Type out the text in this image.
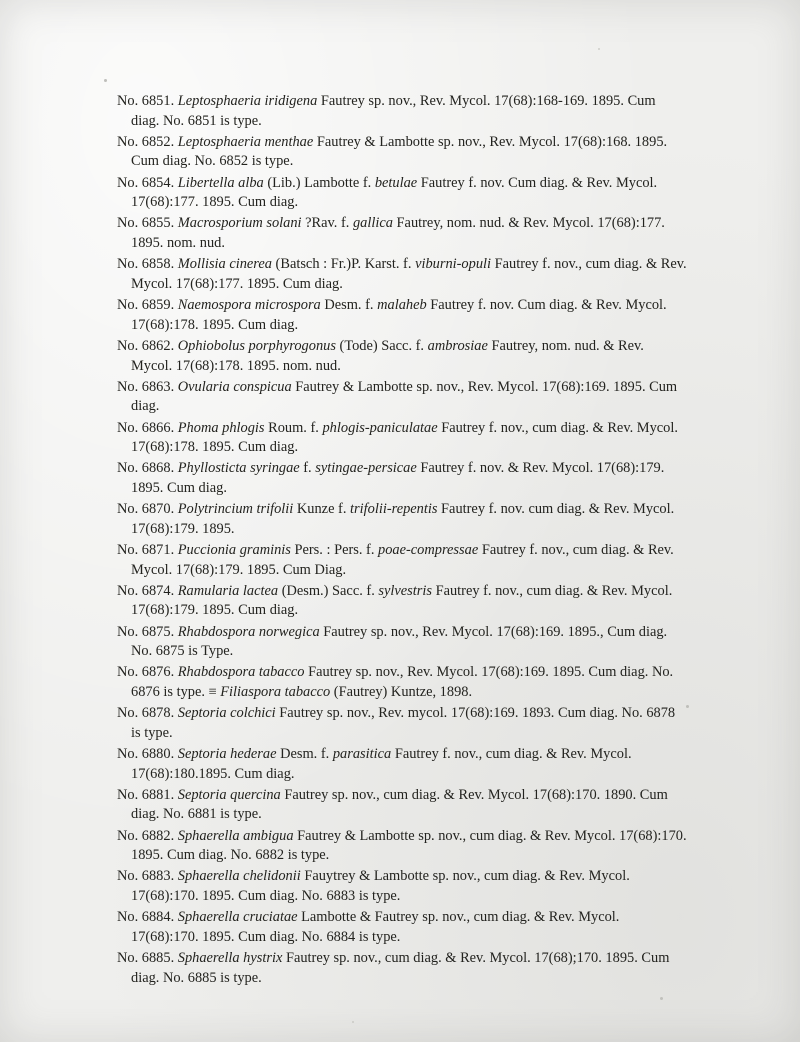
No. 6851. Leptosphaeria iridigena Fautrey sp. nov., Rev. Mycol. 17(68):168-169. 1895. Cum diag. No. 6851 is type.

No. 6852. Leptosphaeria menthae Fautrey & Lambotte sp. nov., Rev. Mycol. 17(68):168. 1895. Cum diag. No. 6852 is type.

No. 6854. Libertella alba (Lib.) Lambotte f. betulae Fautrey f. nov. Cum diag. & Rev. Mycol. 17(68):177. 1895. Cum diag.

No. 6855. Macrosporium solani ?Rav. f. gallica Fautrey, nom. nud. & Rev. Mycol. 17(68):177. 1895. nom. nud.

No. 6858. Mollisia cinerea (Batsch : Fr.)P. Karst. f. viburni-opuli Fautrey f. nov., cum diag. & Rev. Mycol. 17(68):177. 1895. Cum diag.

No. 6859. Naemospora microspora Desm. f. malaheb Fautrey f. nov. Cum diag. & Rev. Mycol. 17(68):178. 1895. Cum diag.

No. 6862. Ophiobolus porphyrogonus (Tode) Sacc. f. ambrosiae Fautrey, nom. nud. & Rev. Mycol. 17(68):178. 1895. nom. nud.

No. 6863. Ovularia conspicua Fautrey & Lambotte sp. nov., Rev. Mycol. 17(68):169. 1895. Cum diag.

No. 6866. Phoma phlogis Roum. f. phlogis-paniculatae Fautrey f. nov., cum diag. & Rev. Mycol. 17(68):178. 1895. Cum diag.

No. 6868. Phyllosticta syringae f. sytingae-persicae Fautrey f. nov. & Rev. Mycol. 17(68):179. 1895. Cum diag.

No. 6870. Polytrincium trifolii Kunze f. trifolii-repentis Fautrey f. nov. cum diag. & Rev. Mycol. 17(68):179. 1895.

No. 6871. Puccionia graminis Pers. : Pers. f. poae-compressae Fautrey f. nov., cum diag. & Rev. Mycol. 17(68):179. 1895. Cum Diag.

No. 6874. Ramularia lactea (Desm.) Sacc. f. sylvestris Fautrey f. nov., cum diag. & Rev. Mycol. 17(68):179. 1895. Cum diag.

No. 6875. Rhabdospora norwegica Fautrey sp. nov., Rev. Mycol. 17(68):169. 1895., Cum diag. No. 6875 is Type.

No. 6876. Rhabdospora tabacco Fautrey sp. nov., Rev. Mycol. 17(68):169. 1895. Cum diag. No. 6876 is type. ≡ Filiaspora tabacco (Fautrey) Kuntze, 1898.

No. 6878. Septoria colchici Fautrey sp. nov., Rev. mycol. 17(68):169. 1893. Cum diag. No. 6878 is type.

No. 6880. Septoria hederae Desm. f. parasitica Fautrey f. nov., cum diag. & Rev. Mycol. 17(68):180.1895. Cum diag.

No. 6881. Septoria quercina Fautrey sp. nov., cum diag. & Rev. Mycol. 17(68):170. 1890. Cum diag. No. 6881 is type.

No. 6882. Sphaerella ambigua Fautrey & Lambotte sp. nov., cum diag. & Rev. Mycol. 17(68):170. 1895. Cum diag. No. 6882 is type.

No. 6883. Sphaerella chelidonii Fauytrey & Lambotte sp. nov., cum diag. & Rev. Mycol. 17(68):170. 1895. Cum diag. No. 6883 is type.

No. 6884. Sphaerella cruciatae Lambotte & Fautrey sp. nov., cum diag. & Rev. Mycol. 17(68):170. 1895. Cum diag. No. 6884 is type.

No. 6885. Sphaerella hystrix Fautrey sp. nov., cum diag. & Rev. Mycol. 17(68);170. 1895. Cum diag. No. 6885 is type.
